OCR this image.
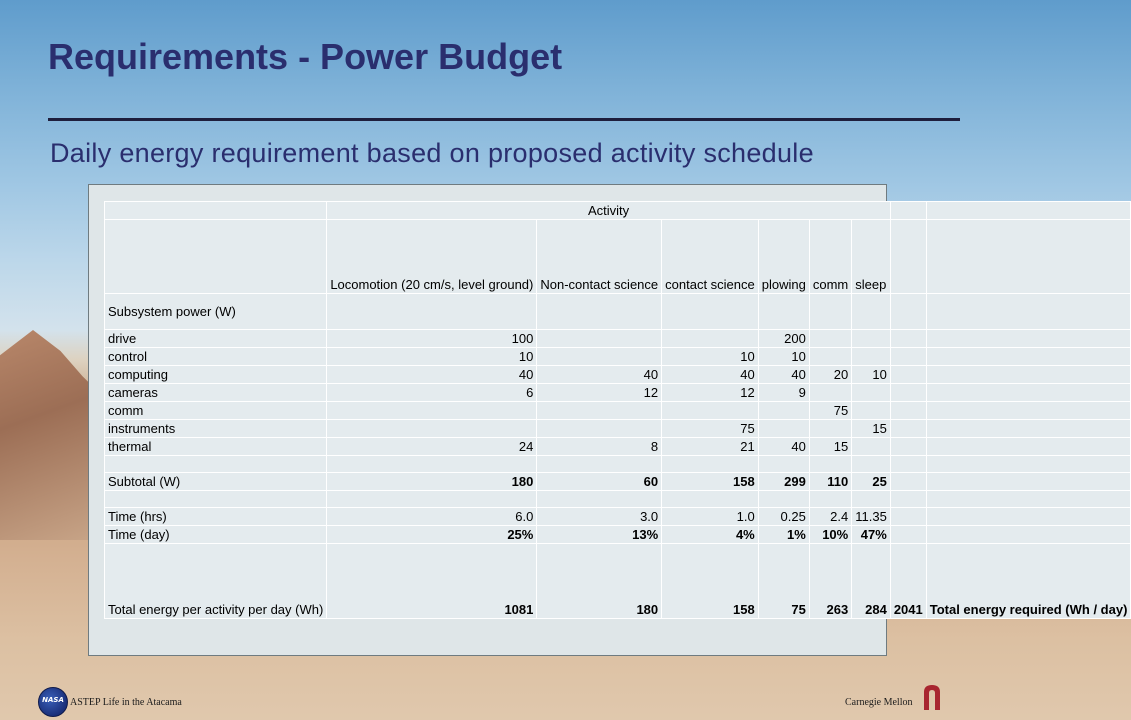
Requirements - Power Budget

Daily energy requirement based on proposed activity schedule

	Activity							
	Locomotion (20 cm/s, level ground)	Non-contact science	contact science	plowing	comm	sleep		
Subsystem power (W)								
drive	100			200				
control	10		10	10				
computing	40	40	40	40	20	10		
cameras	6	12	12	9				
comm					75			
instruments			75			15		
thermal	24	8	21	40	15			

Subtotal (W)	180	60	158	299	110	25		

Time (hrs)	6.0	3.0	1.0	0.25	2.4	11.35		
Time (day)	25%	13%	4%	1%	10%	47%		
Total energy per activity per day (Wh)	1081	180	158	75	263	284	2041	Total energy required (Wh / day)
NASA ASTEP Life in the Atacama	Carnegie Mellon
